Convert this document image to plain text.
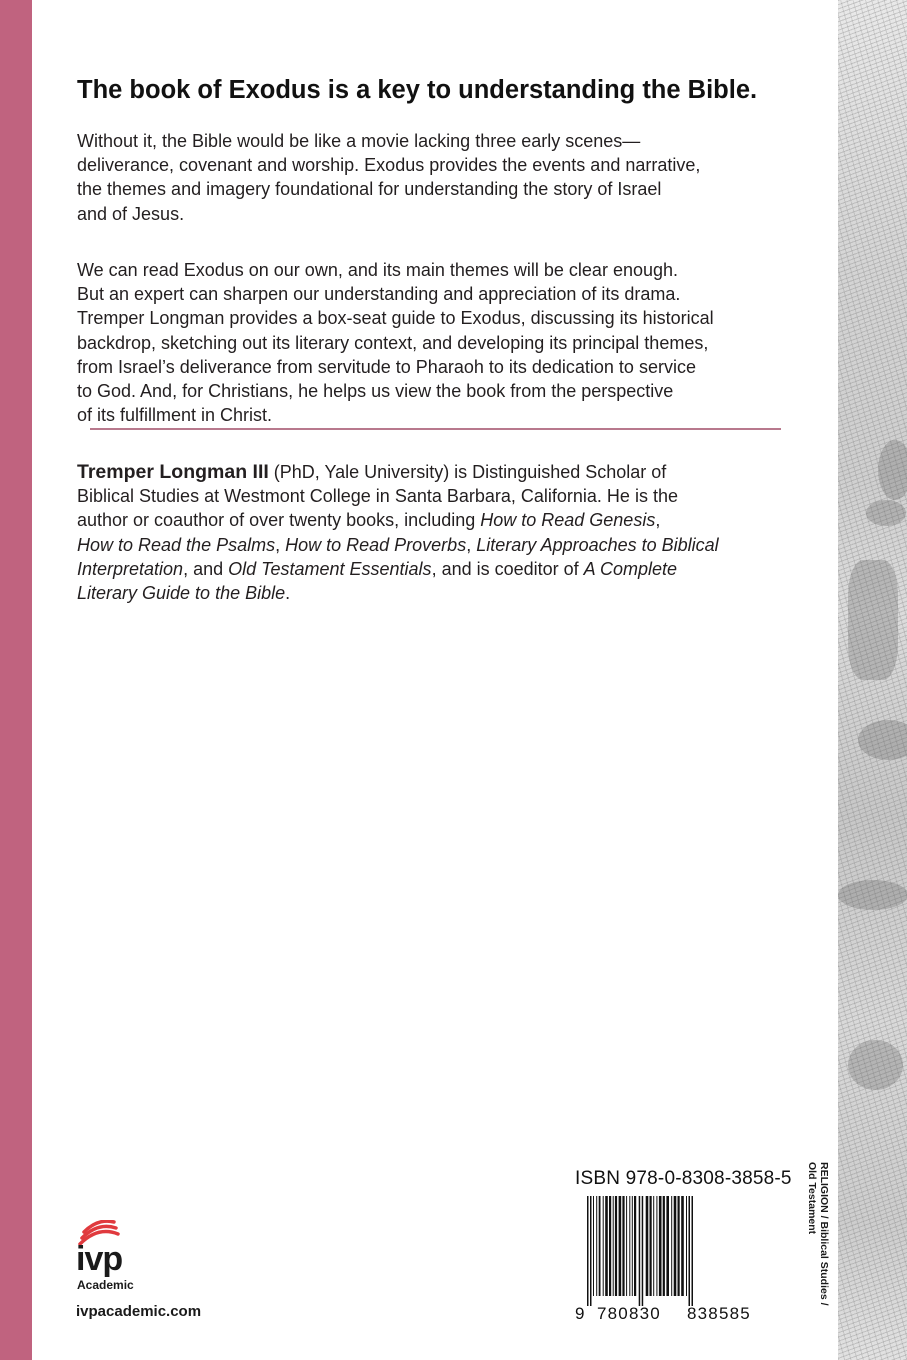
The book of Exodus is a key to understanding the Bible.
Without it, the Bible would be like a movie lacking three early scenes—
deliverance, covenant and worship. Exodus provides the events and narrative,
the themes and imagery foundational for understanding the story of Israel
and of Jesus.
We can read Exodus on our own, and its main themes will be clear enough.
But an expert can sharpen our understanding and appreciation of its drama.
Tremper Longman provides a box-seat guide to Exodus, discussing its historical
backdrop, sketching out its literary context, and developing its principal themes,
from Israel’s deliverance from servitude to Pharaoh to its dedication to service
to God. And, for Christians, he helps us view the book from the perspective
of its fulfillment in Christ.
Tremper Longman III (PhD, Yale University) is Distinguished Scholar of
Biblical Studies at Westmont College in Santa Barbara, California. He is the
author or coauthor of over twenty books, including How to Read Genesis,
How to Read the Psalms, How to Read Proverbs, Literary Approaches to Biblical
Interpretation, and Old Testament Essentials, and is coeditor of A Complete
Literary Guide to the Bible.
ivp
Academic
ivpacademic.com
ISBN 978-0-8308-3858-5
9 780830 838585
RELIGION / Biblical Studies /
Old Testament
